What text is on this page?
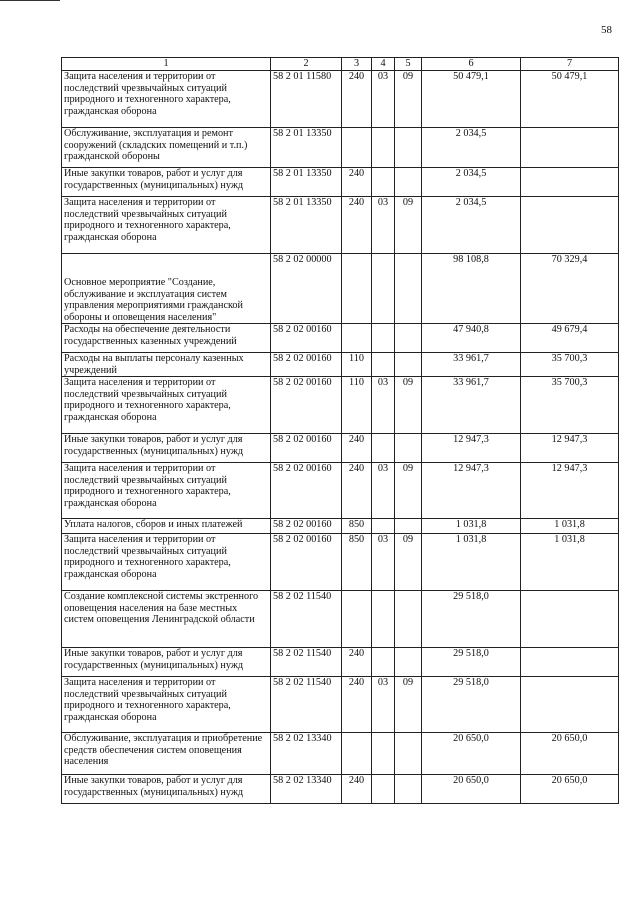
58
1	2	3	4	5	6	7
Защита населения и территории от последствий чрезвычайных ситуаций природного и техногенного характера, гражданская оборона	58 2 01 11580	240	03	09	50 479,1	50 479,1
Обслуживание, эксплуатация и ремонт сооружений (складских помещений и т.п.) гражданской обороны	58 2 01 13350				2 034,5	
Иные закупки товаров, работ и услуг для государственных (муниципальных) нужд	58 2 01 13350	240			2 034,5	
Защита населения и территории от последствий чрезвычайных ситуаций природного и техногенного характера, гражданская оборона	58 2 01 13350	240	03	09	2 034,5	
Основное мероприятие "Создание, обслуживание и эксплуатация систем управления мероприятиями гражданской обороны и оповещения населения"	58 2 02 00000				98 108,8	70 329,4
Расходы на обеспечение деятельности государственных казенных учреждений	58 2 02 00160				47 940,8	49 679,4
Расходы на выплаты персоналу казенных учреждений	58 2 02 00160	110			33 961,7	35 700,3
Защита населения и территории от последствий чрезвычайных ситуаций природного и техногенного характера, гражданская оборона	58 2 02 00160	110	03	09	33 961,7	35 700,3
Иные закупки товаров, работ и услуг для государственных (муниципальных) нужд	58 2 02 00160	240			12 947,3	12 947,3
Защита населения и территории от последствий чрезвычайных ситуаций природного и техногенного характера, гражданская оборона	58 2 02 00160	240	03	09	12 947,3	12 947,3
Уплата налогов, сборов и иных платежей	58 2 02 00160	850			1 031,8	1 031,8
Защита населения и территории от последствий чрезвычайных ситуаций природного и техногенного характера, гражданская оборона	58 2 02 00160	850	03	09	1 031,8	1 031,8
Создание комплексной системы экстренного оповещения населения на базе местных систем оповещения Ленинградской области	58 2 02 11540				29 518,0	
Иные закупки товаров, работ и услуг для государственных (муниципальных) нужд	58 2 02 11540	240			29 518,0	
Защита населения и территории от последствий чрезвычайных ситуаций природного и техногенного характера, гражданская оборона	58 2 02 11540	240	03	09	29 518,0	
Обслуживание, эксплуатация и приобретение средств обеспечения систем оповещения населения	58 2 02 13340				20 650,0	20 650,0
Иные закупки товаров, работ и услуг для государственных (муниципальных) нужд	58 2 02 13340	240			20 650,0	20 650,0
